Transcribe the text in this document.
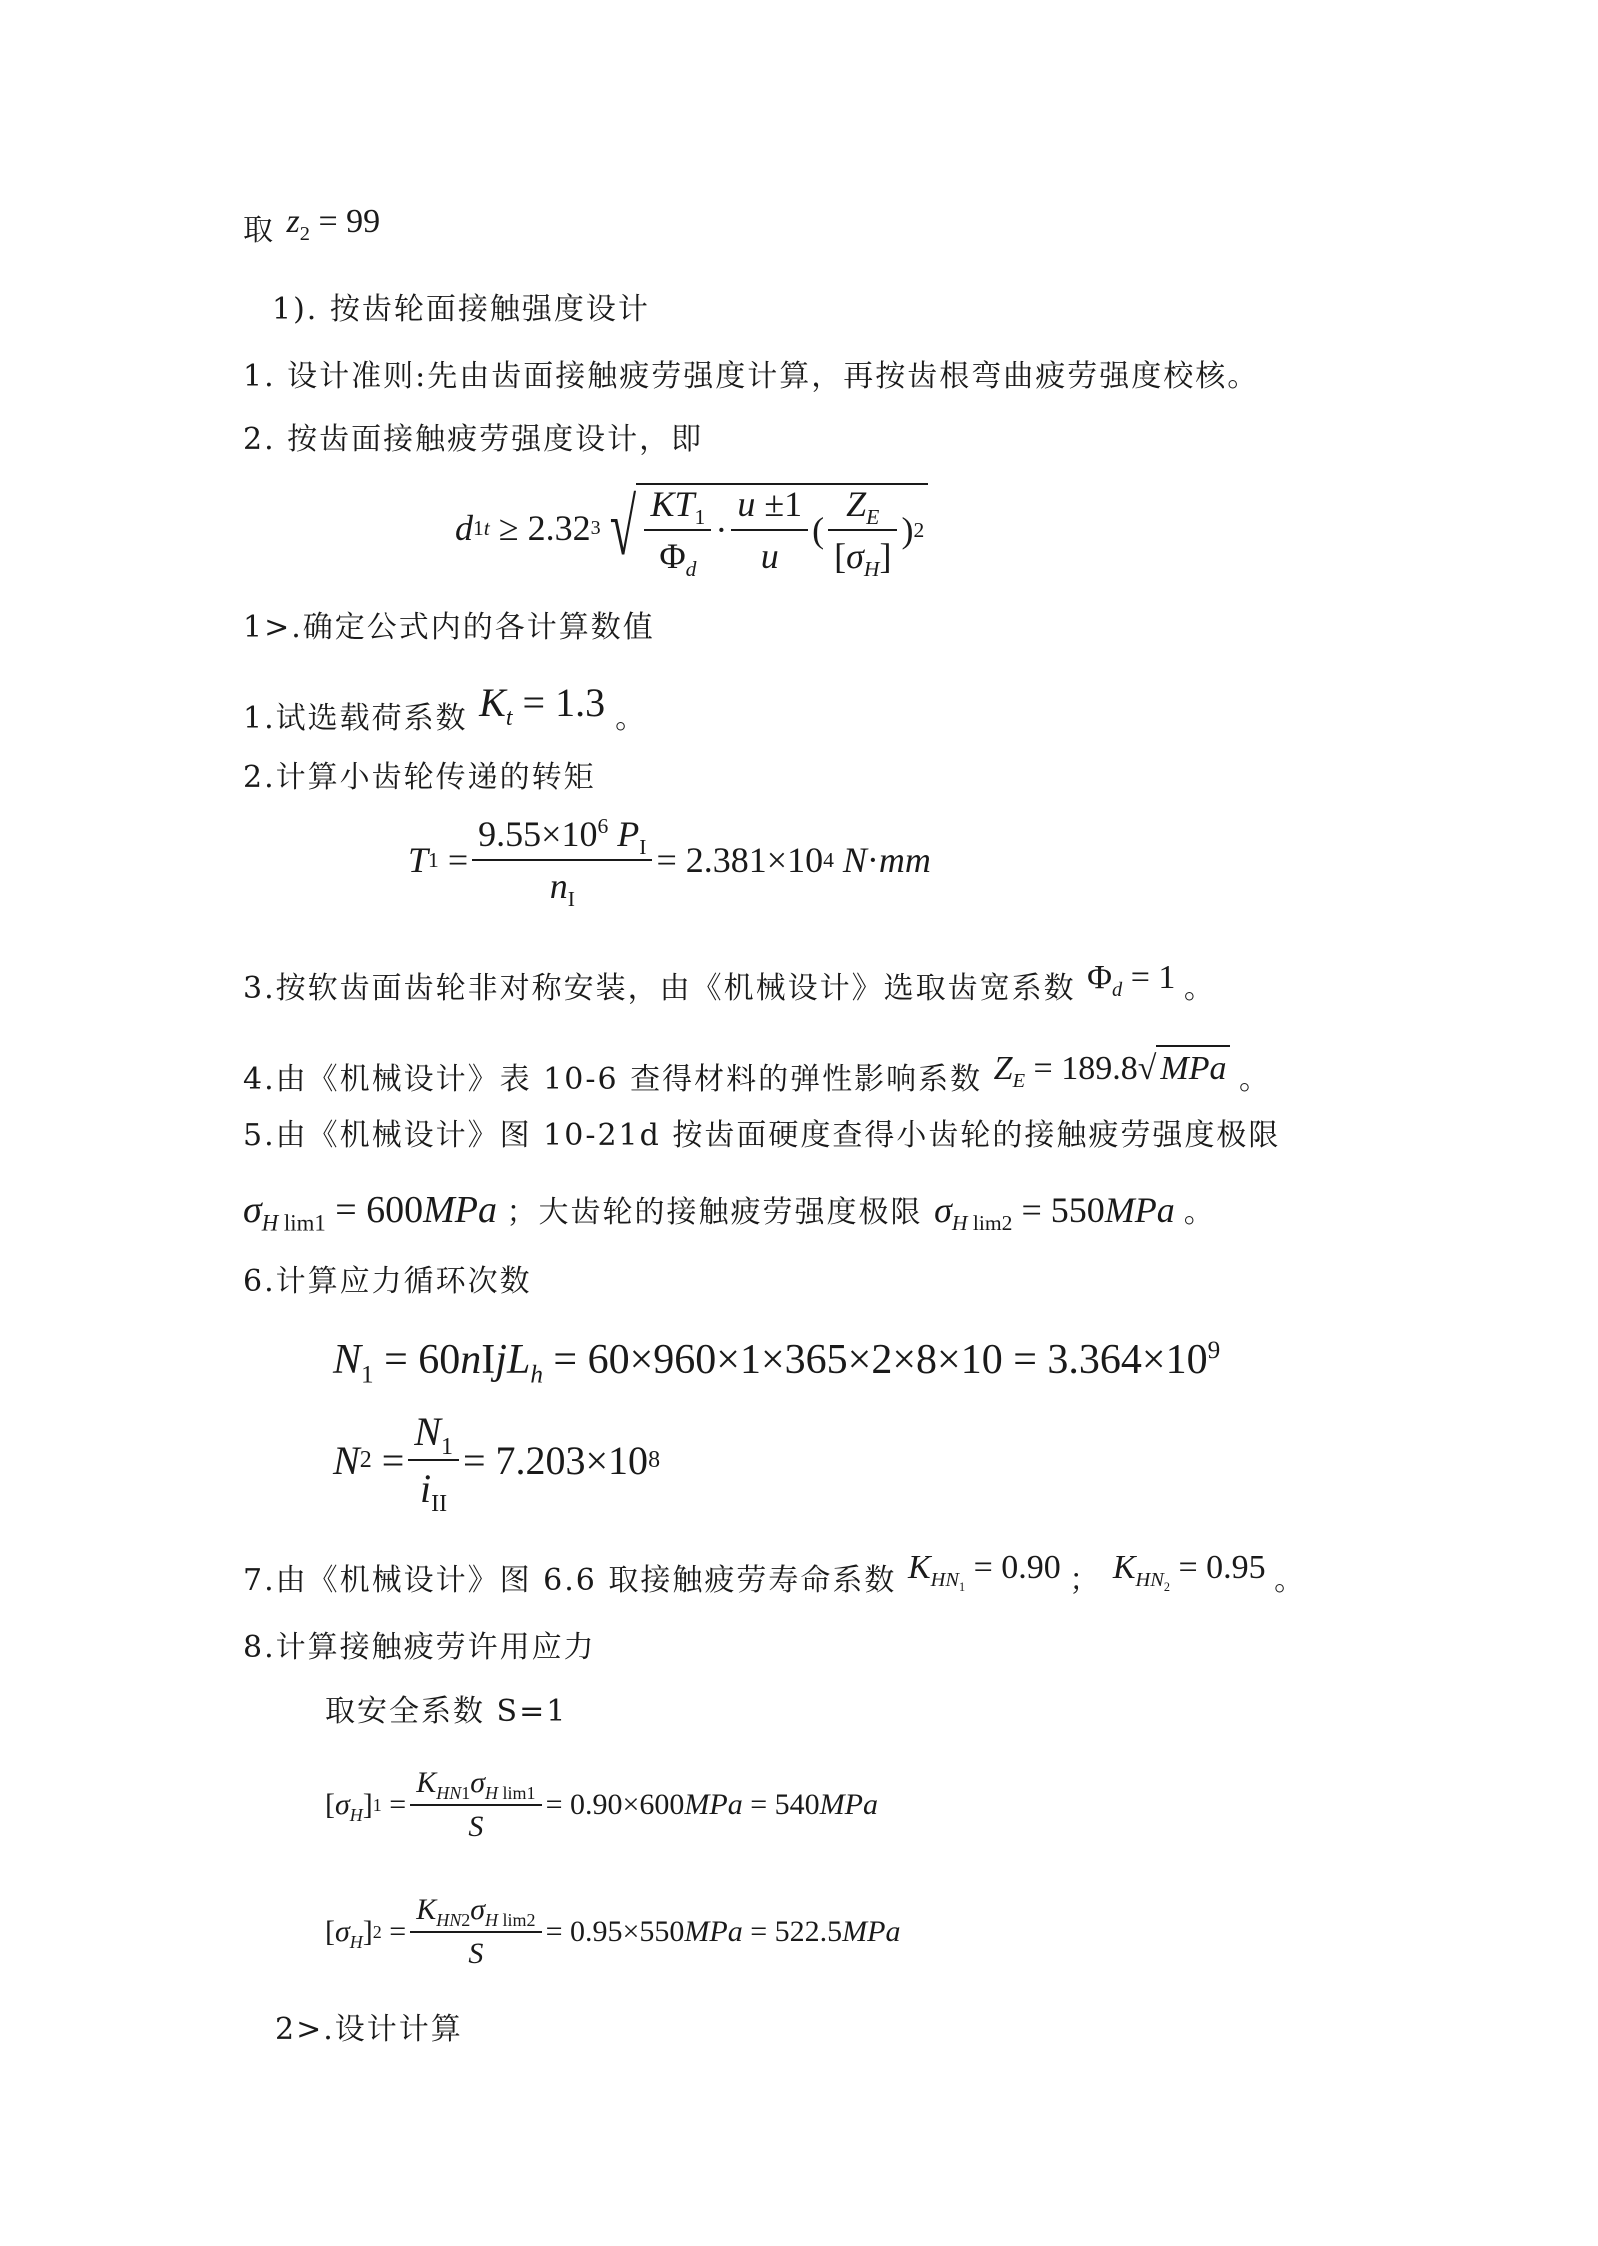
取 $z_2 = 99$
1). 按齿轮面接触强度设计
1. 设计准则:先由齿面接触疲劳强度计算，再按齿根弯曲疲劳强度校核。
2. 按齿面接触疲劳强度设计，即
d 1t ≥ 2.32 3 √ $\frac{KT_1}{\Phi_d} \cdot \frac{u \pm 1}{u}$ ( $\frac{Z_E}{[\sigma_H]}$ ) 2
1>.确定公式内的各计算数值
1.试选载荷系数 $K_t = 1.3$ 。
2.计算小齿轮传递的转矩
T $1 = \frac{9.55\times 10^6 P_I}{n_I} = 2.381 \times 10$ 4
N · mm
3.按软齿面齿轮非对称安装，由《机械设计》选取齿宽系数 $\Phi_d = 1$ 。
4.由《机械设计》表 10-6 查得材料的弹性影响系数 $Z_E = 189.8√$ MPa 。
5.由《机械设计》图 10-21d 按齿面硬度查得小齿轮的接触疲劳强度极限
$\sigma_{H lim1} = 600MPa$ ；大齿轮的接触疲劳强度极限 $\sigma_{H lim2} = 550MPa$ 。
6.计算应力循环次数
$N_1$ = 60nIjL$_h$ = $60\times 960\times 1\times 365\times 2\times 8\times 10 = 3.364\times 10^9$
N $2 = \frac{N_1}{i_{II}} = 7.203 \times 10$ 8
7.由《机械设计》图 6.6 取接触疲劳寿命系数 $K_{HN_1} = 0.90$ ； $K_{HN_2} = 0.95$ 。
8.计算接触疲劳许用应力
取安全系数 S=1
[ $\sigma_H$ ] $1 = \frac{K_{HN1}\sigma_{H lim1}}{S} = 0.90\times 600$ MPa = 540 MPa
[ $\sigma_H$ ] $2 = \frac{K_{HN2}\sigma_{H lim2}}{S} = 0.95\times 550$ MPa = 522.5 MPa
2>.设计计算
